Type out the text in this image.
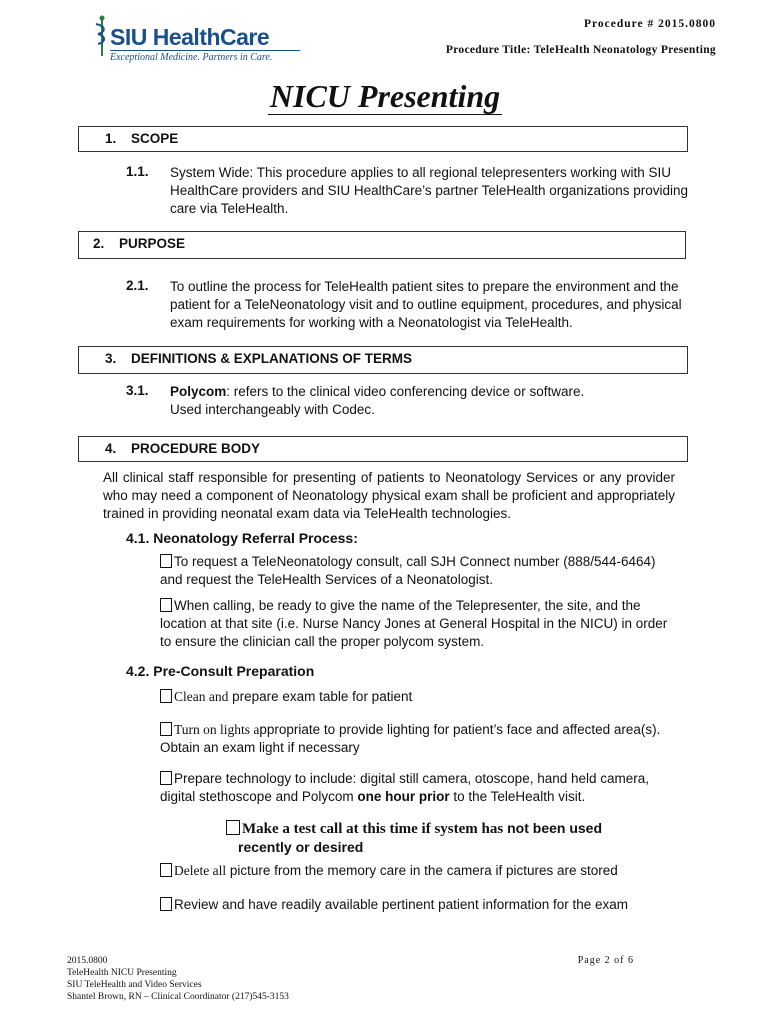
SIU HealthCare
Exceptional Medicine. Partners in Care.
Procedure # 2015.0800
Procedure Title: TeleHealth Neonatology Presenting
NICU Presenting
1. SCOPE
1.1. System Wide: This procedure applies to all regional telepresenters working with SIU HealthCare providers and SIU HealthCare’s partner TeleHealth organizations providing care via TeleHealth.
2. PURPOSE
2.1. To outline the process for TeleHealth patient sites to prepare the environment and the patient for a TeleNeonatology visit and to outline equipment, procedures, and physical exam requirements for working with a Neonatologist via TeleHealth.
3. DEFINITIONS & EXPLANATIONS OF TERMS
3.1. Polycom: refers to the clinical video conferencing device or software.
Used interchangeably with Codec.
4. PROCEDURE BODY
All clinical staff responsible for presenting of patients to Neonatology Services or any provider who may need a component of Neonatology physical exam shall be proficient and appropriately trained in providing neonatal exam data via TeleHealth technologies.
4.1. Neonatology Referral Process:
To request a TeleNeonatology consult, call SJH Connect number (888/544-6464) and request the TeleHealth Services of a Neonatologist.
When calling, be ready to give the name of the Telepresenter, the site, and the location at that site (i.e. Nurse Nancy Jones at General Hospital in the NICU) in order to ensure the clinician call the proper polycom system.
4.2. Pre-Consult Preparation
Clean and prepare exam table for patient
Turn on lights appropriate to provide lighting for patient’s face and affected area(s). Obtain an exam light if necessary
Prepare technology to include: digital still camera, otoscope, hand held camera, digital stethoscope and Polycom one hour prior to the TeleHealth visit.
Make a test call at this time if system has not been used
recently or desired
Delete all picture from the memory care in the camera if pictures are stored
Review and have readily available pertinent patient information for the exam
2015.0800
TeleHealth NICU Presenting
SIU TeleHealth and Video Services
Shantel Brown, RN – Clinical Coordinator (217)545-3153
Page 2 of 6
